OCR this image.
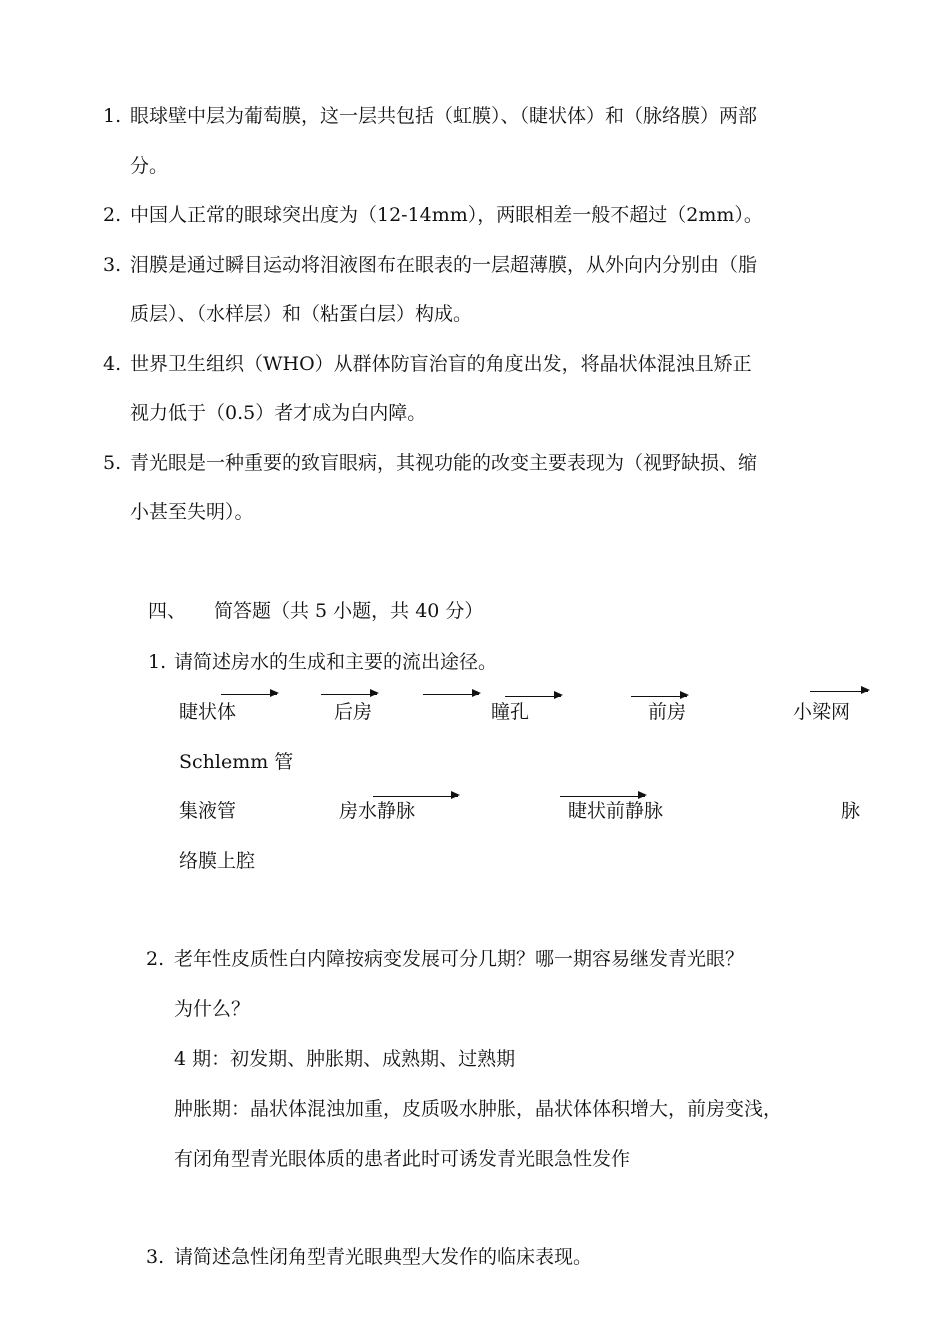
1. 眼球壁中层为葡萄膜，这一层共包括（虹膜）、（睫状体）和（脉络膜）两部
分。
2. 中国人正常的眼球突出度为（12-14mm），两眼相差一般不超过（2mm）。
3. 泪膜是通过瞬目运动将泪液图布在眼表的一层超薄膜，从外向内分别由（脂
质层）、（水样层）和（粘蛋白层）构成。
4. 世界卫生组织（WHO）从群体防盲治盲的角度出发，将晶状体混浊且矫正
视力低于（0.5）者才成为白内障。
5. 青光眼是一种重要的致盲眼病，其视功能的改变主要表现为（视野缺损、缩
小甚至失明）。
四、 简答题（共 5 小题，共 40 分）
1. 请简述房水的生成和主要的流出途径。
睫状体	后房	瞳孔	前房	小梁网
Schlemm 管
集液管	房水静脉	睫状前静脉	脉
络膜上腔
2. 老年性皮质性白内障按病变发展可分几期？哪一期容易继发青光眼？
为什么？
4 期：初发期、肿胀期、成熟期、过熟期
肿胀期：晶状体混浊加重，皮质吸水肿胀，晶状体体积增大，前房变浅，
有闭角型青光眼体质的患者此时可诱发青光眼急性发作
3. 请简述急性闭角型青光眼典型大发作的临床表现。
